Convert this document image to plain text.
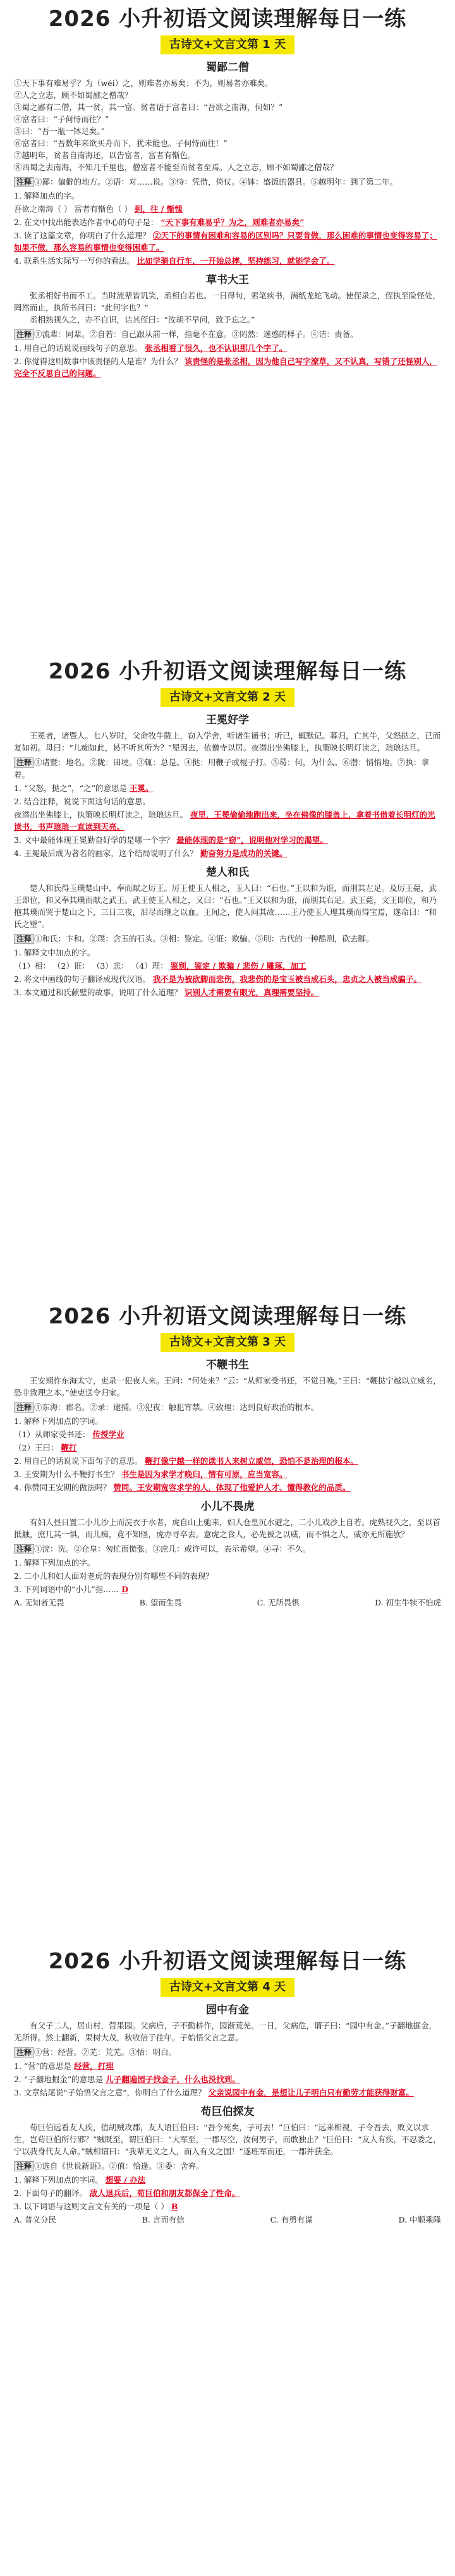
2026 小升初语文阅读理解每日一练
古诗文+文言文第 1 天
蜀鄙二僧

①天下事有难易乎？为（wéi）之，则难者亦易矣；不为，则易者亦难矣。

②人之立志，顾不如蜀鄙之僧哉？

③蜀之鄙有二僧，其一贫，其一富。贫者语于富者曰：“吾欲之南海，何如？”

④富者曰：“子何恃而往？”

⑤曰：“吾一瓶一钵足矣。”

⑥富者曰：“吾数年来欲买舟而下，犹未能也。子何恃而往！”

⑦越明年，贫者自南海还，以告富者，富者有惭色。

⑧西蜀之去南海，不知几千里也，僧富者不能至而贫者至焉。人之立志，顾不如蜀鄙之僧哉？

注释 ①鄙：偏僻的地方。②语：对……说。③恃：凭借，倚仗。④钵：盛饭的器具。⑤越明年：到了第二年。
1. 解释加点的字。
吾欲之南海（ ） 富者有惭色（ ） 到，往 / 惭愧
2. 在文中找出能表达作者中心的句子是： “天下事有难易乎？为之，则难者亦易矣”
3. 读了这篇文章，你明白了什么道理？ ②天下的事情有困难和容易的区别吗？只要肯做，那么困难的事情也变得容易了；如果不做，那么容易的事情也变得困难了。
4. 联系生活实际写一写你的看法。 比如学骑自行车，一开始总摔，坚持练习，就能学会了。
草书大王

张丞相好书而不工。当时流辈皆讥笑，丞相自若也。一日得句，索笔疾书，满纸龙蛇飞动。使侄录之，侄执至险怪处，罔然而止，执所书问曰：“此何字也？”

丞相熟视久之，亦不自识，诘其侄曰：“汝胡不早问，致予忘之。”

注释 ①流辈：同辈。②自若：自己跟从前一样，指毫不在意。③罔然：迷惑的样子。④诘：责备。
1. 用自己的话说说画线句子的意思。 张丞相看了很久，也不认识那几个字了。
2. 你觉得这则故事中该责怪的人是谁？为什么？ 该责怪的是张丞相，因为他自己写字潦草，又不认真，写错了还怪别人，完全不反思自己的问题。
2026 小升初语文阅读理解每日一练
古诗文+文言文第 2 天
王冕好学

王冕者，诸暨人。七八岁时，父命牧牛陇上，窃入学舍，听诸生诵书；听已，辄默记。暮归，亡其牛，父怒挞之，已而复如初。母曰：“儿痴如此，曷不听其所为？”冕因去，依僧寺以居。夜潜出坐佛膝上，执策映长明灯读之，琅琅达旦。

注释 ①诸暨：地名。②陇：田埂。③辄：总是。④挞：用鞭子或棍子打。⑤曷：何，为什么。⑥潜：悄悄地。⑦执：拿着。
1. “父怒，挞之”，“之”的意思是 王冕。
2. 结合注释，说说下面这句话的意思。
夜潜出坐佛膝上，执策映长明灯读之，琅琅达旦。 夜里，王冕偷偷地跑出来，坐在佛像的膝盖上，拿着书借着长明灯的光读书，书声琅琅一直读到天亮。
3. 文中最能体现王冕勤奋好学的是哪一个字？ 最能体现的是“窃”，说明他对学习的渴望。
4. 王冕最后成为著名的画家，这个结局说明了什么？ 勤奋努力是成功的关键。
楚人和氏

楚人和氏得玉璞楚山中，奉而献之厉王。厉王使玉人相之，玉人曰：“石也。”王以和为诳，而刖其左足。及厉王薨，武王即位，和又奉其璞而献之武王。武王使玉人相之，又曰：“石也。”王又以和为诳，而刖其右足。武王薨，文王即位，和乃抱其璞而哭于楚山之下，三日三夜，泪尽而继之以血。王闻之，使人问其故……王乃使玉人理其璞而得宝焉，遂命曰：“和氏之璧”。

注释 ①和氏：卞和。②璞：含玉的石头。③相：鉴定。④诳：欺骗。⑤刖：古代的一种酷刑，砍去脚。
1. 解释文中加点的字。
（1）相： （2）诳： （3）悲： （4）理： 鉴别，鉴定 / 欺骗 / 悲伤 / 雕琢，加工
2. 将文中画线的句子翻译成现代汉语。 我不是为被砍脚而悲伤，我悲伤的是宝玉被当成石头，忠贞之人被当成骗子。
3. 本文通过和氏献璧的故事，说明了什么道理？ 识别人才需要有眼光，真理需要坚持。
2026 小升初语文阅读理解每日一练
古诗文+文言文第 3 天
不鞭书生

王安期作东海太守，吏录一犯夜人来。王问：“何处来？”云：“从师家受书还，不觉日晚。”王曰：“鞭挞宁越以立威名，恐非致理之本。”使吏送令归家。

注释 ①东海：郡名。②录：逮捕。③犯夜：触犯宵禁。④致理：达到良好政治的根本。
1. 解释下列加点的字词。
（1）从师家受书还： 传授学业
（2）王曰： 鞭打
2. 用自己的话说说下面句子的意思。 鞭打像宁越一样的读书人来树立威信，恐怕不是治理的根本。
3. 王安期为什么不鞭打书生？ 书生是因为求学才晚归，情有可原，应当宽容。
4. 你赞同王安期的做法吗？ 赞同。王安期宽容求学的人，体现了他爱护人才、懂得教化的品质。
小儿不畏虎

有妇人昼日置二小儿沙上而浣衣于水者，虎自山上驰来，妇人仓皇沉水避之，二小儿戏沙上自若。虎熟视久之，至以首抵触，庶几其一惧，而儿痴，竟不知怪，虎亦寻卒去。意虎之食人，必先被之以威，而不惧之人，威亦无所施欤？

注释 ①浣：洗。②仓皇：匆忙而慌张。③庶几：或许可以，表示希望。④寻：不久。
1. 解释下列加点的字。
2. 二小儿和妇人面对老虎的表现分别有哪些不同的表现？
3. 下列词语中的“小儿”指…… D
A. 无知者无畏	B. 望而生畏	C. 无所畏惧	D. 初生牛犊不怕虎
2026 小升初语文阅读理解每日一练
古诗文+文言文第 4 天
园中有金

有父子二人，居山村，营果园。父病后，子不勤耕作，园渐荒芜。一日，父病危，谓子曰：“园中有金。”子翻地掘金，无所得。然土翻新，果树大茂，秋收倍于往年。子始悟父言之意。

注释 ①营：经营。②芜：荒芜。③悟：明白。
1. “营”的意思是 经营，打理
2. “子翻地掘金”的意思是 儿子翻遍园子找金子，什么也没找到。
3. 文章结尾说“子始悟父言之意”，你明白了什么道理？ 父亲说园中有金，是想让儿子明白只有勤劳才能获得财富。
荀巨伯探友

荀巨伯远看友人疾，值胡贼攻郡，友人语巨伯曰：“吾今死矣，子可去！”巨伯曰：“远来相视，子令吾去，败义以求生，岂荀巨伯所行邪？”贼既至，谓巨伯曰：“大军至，一郡尽空，汝何男子，而敢独止？”巨伯曰：“友人有疾，不忍委之，宁以我身代友人命。”贼相谓曰：“我辈无义之人，而入有义之国！”遂班军而还，一郡并获全。

注释 ①选自《世说新语》。②值：恰逢。③委：舍弃。
1. 解释下列加点的字词。 想要 / 办法
2. 下面句子的翻译。 敌人退兵后，荀巨伯和朋友都保全了性命。
3. 以下词语与这则文言文有关的一项是（ ） B
A. 普义分民	B. 言而有信	C. 有勇有谋	D. 中顺乘隆
